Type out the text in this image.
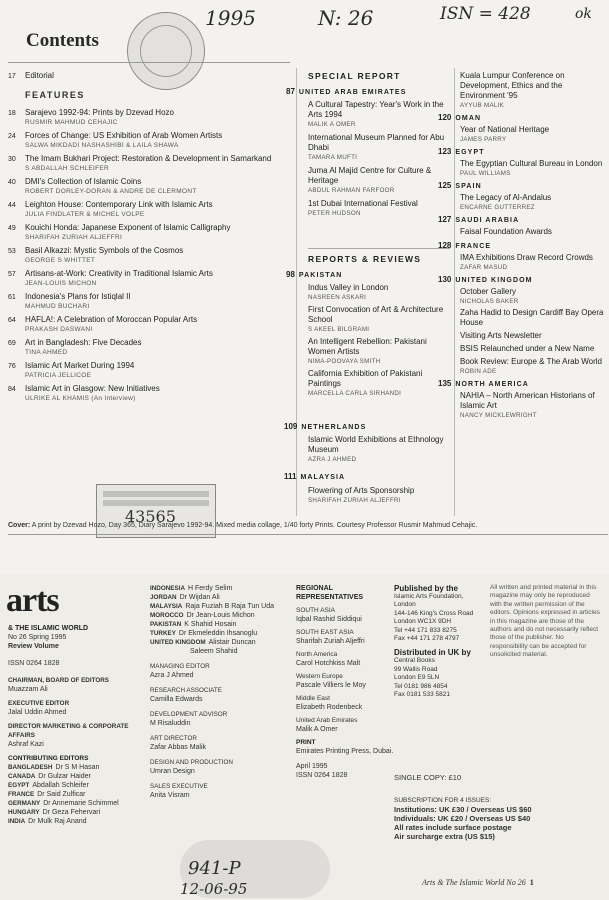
1995	N: 26	ISN = 428	ok
Contents
17 Editorial
FEATURES
18 Sarajevo 1992-94: Prints by Dzevad Hozo
RUSMIR MAHMUD CEHAJIC
24 Forces of Change: US Exhibition of Arab Women Artists
SALWA MIKDADI NASHASHIBI & LAILA SHAWA
30 The Imam Bukhari Project: Restoration & Development in Samarkand
S ABDALLAH SCHLEIFER
40 DMI's Collection of Islamic Coins
ROBERT DORLEY-DORAN & ANDRE DE CLERMONT
44 Leighton House: Contemporary Link with Islamic Arts
JULIA FINDLATER & MICHEL VOLPE
49 Kouichi Honda: Japanese Exponent of Islamic Calligraphy
SHARIFAH ZURIAH ALJEFFRI
53 Basil Alkazzi: Mystic Symbols of the Cosmos
GEORGE S WHITTET
57 Artisans-at-Work: Creativity in Traditional Islamic Arts
JEAN-LOUIS MICHON
61 Indonesia's Plans for Istiqlal II
MAHMUD BUCHARI
64 HAFLA!: A Celebration of Moroccan Popular Arts
PRAKASH DASWANI
69 Art in Bangladesh: Five Decades
TINA AHMED
76 Islamic Art Market During 1994
PATRICIA JELLICOE
84 Islamic Art in Glasgow: New Initiatives
ULRIKE AL KHAMIS (An Interview)
SPECIAL REPORT
87 UNITED ARAB EMIRATES
A Cultural Tapestry: Year's Work in the Arts 1994
MALIK A OMER
International Museum Planned for Abu Dhabi
TAMARA MUFTI
Juma Al Majid Centre for Culture & Heritage
ABDUL RAHMAN FARFOOR
1st Dubai International Festival
PETER HUDSON
REPORTS & REVIEWS
98 PAKISTAN
Indus Valley in London
NASREEN ASKARI
First Convocation of Art & Architecture School
S AKEEL BILGRAMI
An Intelligent Rebellion: Pakistani Women Artists
NIMA-POOVAYA SMITH
California Exhibition of Pakistani Paintings
MARCELLA CARLA SIRHANDI
109 NETHERLANDS
Islamic World Exhibitions at Ethnology Museum
AZRA J AHMED
111 MALAYSIA
Flowering of Arts Sponsorship
SHARIFAH ZURIAH ALJEFFRI
Kuala Lumpur Conference on Development, Ethics and the Environment '95
AYYUB MALIK
120 OMAN
Year of National Heritage
JAMES PARRY
123 EGYPT
The Egyptian Cultural Bureau in London
PAUL WILLIAMS
125 SPAIN
The Legacy of Al-Andalus
ENCARNE GUTTERREZ
127 SAUDI ARABIA
Faisal Foundation Awards
128 FRANCE
IMA Exhibitions Draw Record Crowds
ZAFAR MASUD
130 UNITED KINGDOM
October Gallery
NICHOLAS BAKER
Zaha Hadid to Design Cardiff Bay Opera House
Visiting Arts Newsletter
BSIS Relaunched under a New Name
Book Review: Europe & The Arab World
ROBIN ADE
135 NORTH AMERICA
NAHIA – North American Historians of Islamic Art
NANCY MICKLEWRIGHT
43565
Cover: A print by Dzevad Hozo, Day 365, Diary Sarajevo 1992-94. Mixed media collage, 1/40 forty Prints. Courtesy Professor Rusmir Mahmud Cehajic.
arts
& THE ISLAMIC WORLD
No 26 Spring 1995
Review Volume
ISSN 0264 1828
CHAIRMAN, BOARD OF EDITORS
Muazzam Ali
EXECUTIVE EDITOR
Jalal Uddin Ahmed
DIRECTOR MARKETING & CORPORATE AFFAIRS
Ashraf Kazi
CONTRIBUTING EDITORS
BANGLADESH Dr S M Hasan
CANADA Dr Gulzar Haider
EGYPT Abdallah Schleifer
FRANCE Dr Said Zulficar
GERMANY Dr Annemarie Schimmel
HUNGARY Dr Geza Fehervari
INDIA Dr Mulk Raj Anand
INDONESIA H Ferdy Selim
JORDAN Dr Wijdan Ali
MALAYSIA Raja Fuziah B Raja Tun Uda
MOROCCO Dr Jean-Louis Michon
PAKISTAN K Shahid Hosain
TURKEY Dr Ekmeleddin Ihsanoglu
UNITED KINGDOM Alistair Duncan
Saleem Shahid
MANAGING EDITOR
Azra J Ahmed
RESEARCH ASSOCIATE
Camilla Edwards
DEVELOPMENT ADVISOR
M Risaluddin
ART DIRECTOR
Zafar Abbas Malik
DESIGN AND PRODUCTION
Umran Design
SALES EXECUTIVE
Anita Visram
REGIONAL REPRESENTATIVES
SOUTH ASIA
Iqbal Rashid Siddiqui
SOUTH EAST ASIA
Sharifah Zuriah Aljeffri
North America
Carol Hotchkiss Malt
Western Europe
Pascale Villiers le Moy
Middle East
Elizabeth Rodenbeck
United Arab Emirates
Malik A Omer
PRINT
Emirates Printing Press, Dubai.
April 1995
ISSN 0264 1828
Published by the
Islamic Arts Foundation,
London
144-146 King's Cross Road
London WC1X 9DH
Tel +44 171 833 8275
Fax +44 171 278 4797
Distributed in UK by
Central Books
99 Wallis Road
London E9 5LN
Tel 0181 986 4854
Fax 0181 533 5821
All written and printed material in this magazine may only be reproduced with the written permission of the editors. Opinions expressed in articles in this magazine are those of the authors and do not necessarily reflect those of the publisher. No responsibility can be accepted for unsolicited material.
SINGLE COPY: £10
SUBSCRIPTION FOR 4 ISSUES:
Institutions: UK £30 / Overseas US $60
Individuals: UK £20 / Overseas US $40
All rates include surface postage
Air surcharge extra (US $15)
941-P
12-06-95	Arts & The Islamic World No 26 1
